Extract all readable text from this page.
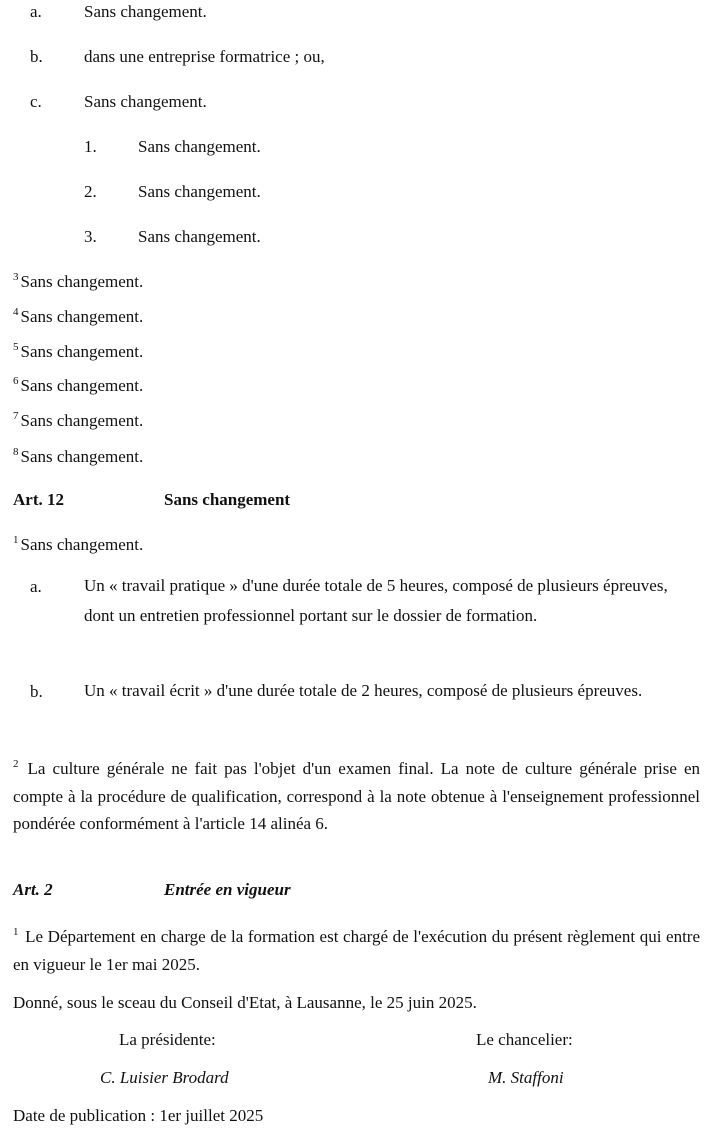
a. Sans changement.
b. dans une entreprise formatrice ; ou,
c. Sans changement.
1. Sans changement.
2. Sans changement.
3. Sans changement.
$^3$ Sans changement.
$^4$ Sans changement.
$^5$ Sans changement.
$^6$ Sans changement.
$^7$ Sans changement.
$^8$ Sans changement.
Art. 12	Sans changement
$^1$ Sans changement.
a. Un « travail pratique » d'une durée totale de 5 heures, composé de plusieurs épreuves, dont un entretien professionnel portant sur le dossier de formation.
b. Un « travail écrit » d'une durée totale de 2 heures, composé de plusieurs épreuves.
$^2$ La culture générale ne fait pas l'objet d'un examen final. La note de culture générale prise en compte à la procédure de qualification, correspond à la note obtenue à l'enseignement professionnel pondérée conformément à l'article 14 alinéa 6.
Art. 2	Entrée en vigueur
$^1$ Le Département en charge de la formation est chargé de l'exécution du présent règlement qui entre en vigueur le 1er mai 2025.
Donné, sous le sceau du Conseil d'Etat, à Lausanne, le 25 juin 2025.
La présidente:	Le chancelier:
C. Luisier Brodard	M. Staffoni
Date de publication : 1er juillet 2025
